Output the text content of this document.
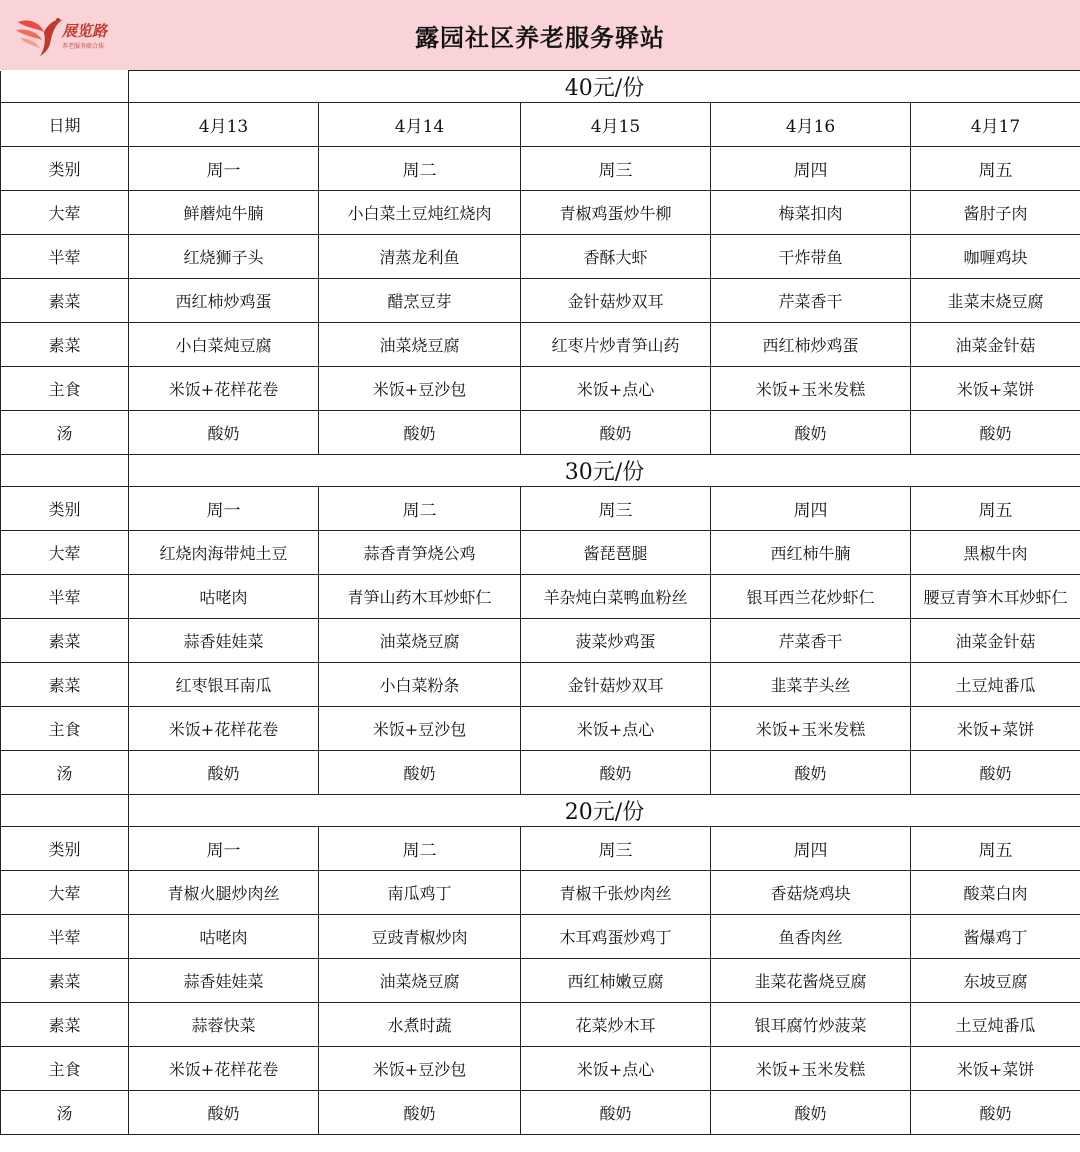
展览路
养老服务联合体	露园社区养老服务驿站
	40元/份				
日期	4月13	4月14	4月15	4月16	4月17
类别	周一	周二	周三	周四	周五
大荤	鲜蘑炖牛腩	小白菜土豆炖红烧肉	青椒鸡蛋炒牛柳	梅菜扣肉	酱肘子肉
半荤	红烧狮子头	清蒸龙利鱼	香酥大虾	干炸带鱼	咖喱鸡块
素菜	西红柿炒鸡蛋	醋烹豆芽	金针菇炒双耳	芹菜香干	韭菜末烧豆腐
素菜	小白菜炖豆腐	油菜烧豆腐	红枣片炒青笋山药	西红柿炒鸡蛋	油菜金针菇
主食	米饭+花样花卷	米饭+豆沙包	米饭+点心	米饭+玉米发糕	米饭+菜饼
汤	酸奶	酸奶	酸奶	酸奶	酸奶
	30元/份				
类别	周一	周二	周三	周四	周五
大荤	红烧肉海带炖土豆	蒜香青笋烧公鸡	酱琵琶腿	西红柿牛腩	黑椒牛肉
半荤	咕咾肉	青笋山药木耳炒虾仁	羊杂炖白菜鸭血粉丝	银耳西兰花炒虾仁	腰豆青笋木耳炒虾仁
素菜	蒜香娃娃菜	油菜烧豆腐	菠菜炒鸡蛋	芹菜香干	油菜金针菇
素菜	红枣银耳南瓜	小白菜粉条	金针菇炒双耳	韭菜芋头丝	土豆炖番瓜
主食	米饭+花样花卷	米饭+豆沙包	米饭+点心	米饭+玉米发糕	米饭+菜饼
汤	酸奶	酸奶	酸奶	酸奶	酸奶
	20元/份				
类别	周一	周二	周三	周四	周五
大荤	青椒火腿炒肉丝	南瓜鸡丁	青椒千张炒肉丝	香菇烧鸡块	酸菜白肉
半荤	咕咾肉	豆豉青椒炒肉	木耳鸡蛋炒鸡丁	鱼香肉丝	酱爆鸡丁
素菜	蒜香娃娃菜	油菜烧豆腐	西红柿嫩豆腐	韭菜花酱烧豆腐	东坡豆腐
素菜	蒜蓉快菜	水煮时蔬	花菜炒木耳	银耳腐竹炒菠菜	土豆炖番瓜
主食	米饭+花样花卷	米饭+豆沙包	米饭+点心	米饭+玉米发糕	米饭+菜饼
汤	酸奶	酸奶	酸奶	酸奶	酸奶
